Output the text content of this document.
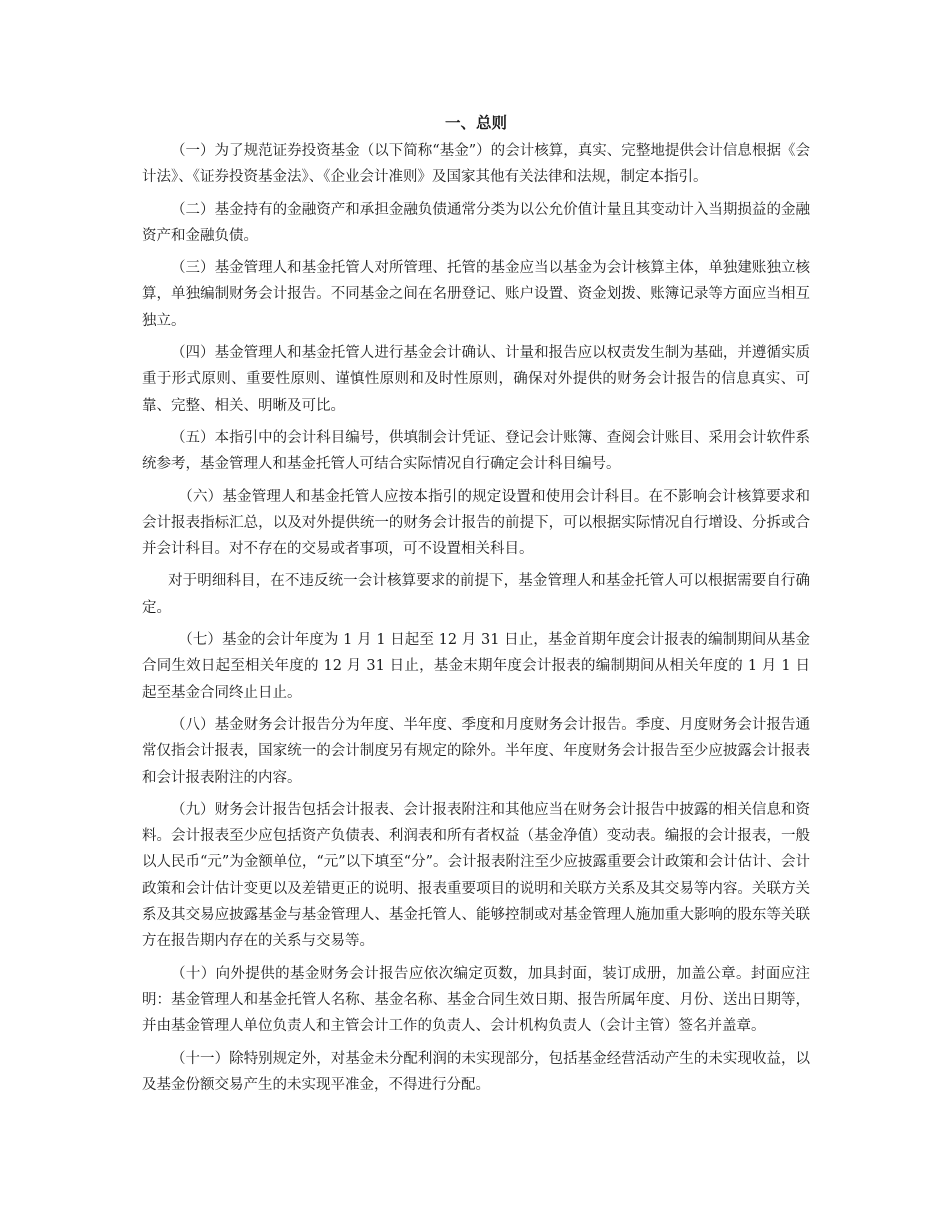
一、总则

（一）为了规范证券投资基金（以下简称“基金”）的会计核算，真实、完整地提供会计信息根据《会计法》、《证券投资基金法》、《企业会计准则》及国家其他有关法律和法规，制定本指引。

（二）基金持有的金融资产和承担金融负债通常分类为以公允价值计量且其变动计入当期损益的金融资产和金融负债。

（三）基金管理人和基金托管人对所管理、托管的基金应当以基金为会计核算主体，单独建账独立核算，单独编制财务会计报告。不同基金之间在名册登记、账户设置、资金划拨、账簿记录等方面应当相互独立。

（四）基金管理人和基金托管人进行基金会计确认、计量和报告应以权责发生制为基础，并遵循实质重于形式原则、重要性原则、谨慎性原则和及时性原则，确保对外提供的财务会计报告的信息真实、可靠、完整、相关、明晰及可比。

（五）本指引中的会计科目编号，供填制会计凭证、登记会计账簿、查阅会计账目、采用会计软件系统参考，基金管理人和基金托管人可结合实际情况自行确定会计科目编号。

（六）基金管理人和基金托管人应按本指引的规定设置和使用会计科目。在不影响会计核算要求和会计报表指标汇总，以及对外提供统一的财务会计报告的前提下，可以根据实际情况自行增设、分拆或合并会计科目。对不存在的交易或者事项，可不设置相关科目。

对于明细科目，在不违反统一会计核算要求的前提下，基金管理人和基金托管人可以根据需要自行确定。

（七）基金的会计年度为 1 月 1 日起至 12 月 31 日止，基金首期年度会计报表的编制期间从基金合同生效日起至相关年度的 12 月 31 日止，基金末期年度会计报表的编制期间从相关年度的 1 月 1 日起至基金合同终止日止。

（八）基金财务会计报告分为年度、半年度、季度和月度财务会计报告。季度、月度财务会计报告通常仅指会计报表，国家统一的会计制度另有规定的除外。半年度、年度财务会计报告至少应披露会计报表和会计报表附注的内容。

（九）财务会计报告包括会计报表、会计报表附注和其他应当在财务会计报告中披露的相关信息和资料。会计报表至少应包括资产负债表、利润表和所有者权益（基金净值）变动表。编报的会计报表，一般以人民币“元”为金额单位，“元”以下填至“分”。会计报表附注至少应披露重要会计政策和会计估计、会计政策和会计估计变更以及差错更正的说明、报表重要项目的说明和关联方关系及其交易等内容。关联方关系及其交易应披露基金与基金管理人、基金托管人、能够控制或对基金管理人施加重大影响的股东等关联方在报告期内存在的关系与交易等。

（十）向外提供的基金财务会计报告应依次编定页数，加具封面，装订成册，加盖公章。封面应注明：基金管理人和基金托管人名称、基金名称、基金合同生效日期、报告所属年度、月份、送出日期等，并由基金管理人单位负责人和主管会计工作的负责人、会计机构负责人（会计主管）签名并盖章。

（十一）除特别规定外，对基金未分配利润的未实现部分，包括基金经营活动产生的未实现收益，以及基金份额交易产生的未实现平准金，不得进行分配。
